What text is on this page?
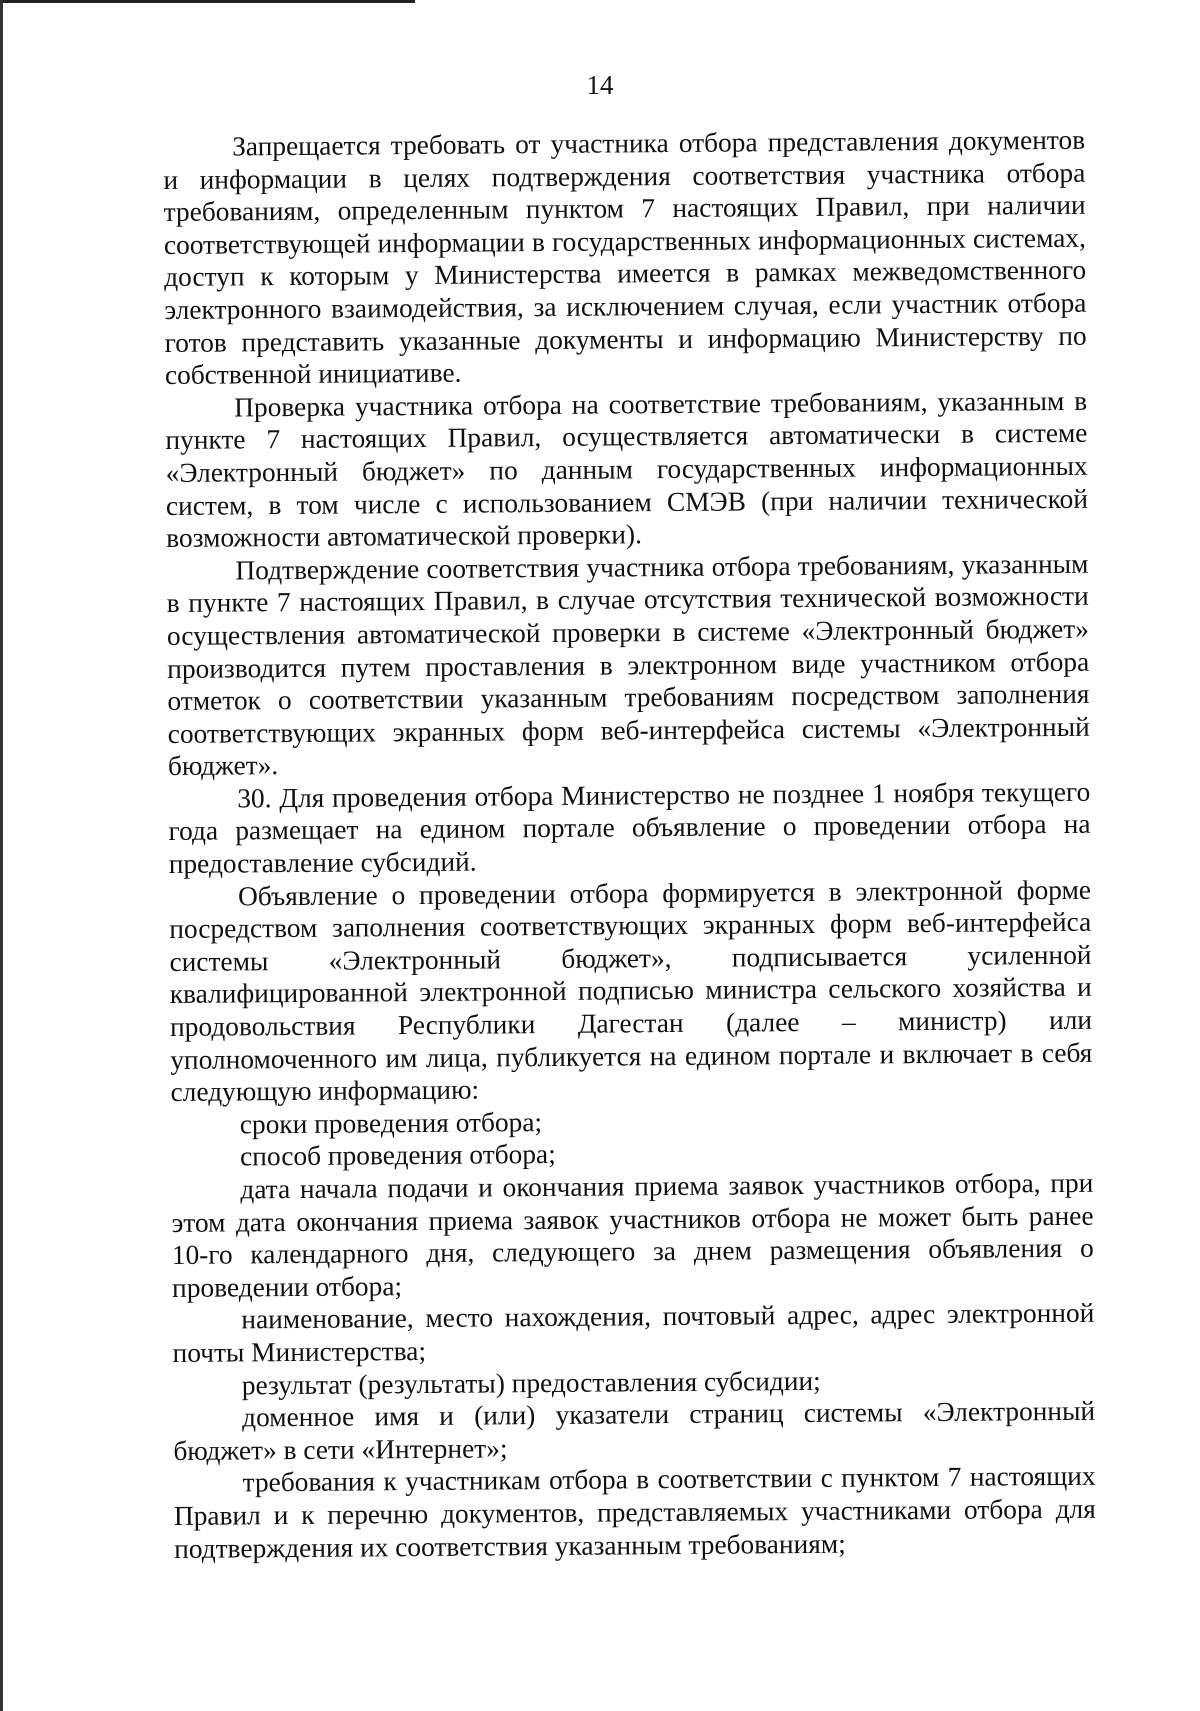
14

Запрещается требовать от участника отбора представления документов и информации в целях подтверждения соответствия участника отбора требованиям, определенным пунктом 7 настоящих Правил, при наличии соответствующей информации в государственных информационных системах, доступ к которым у Министерства имеется в рамках межведомственного электронного взаимодействия, за исключением случая, если участник отбора готов представить указанные документы и информацию Министерству по собственной инициативе.

Проверка участника отбора на соответствие требованиям, указанным в пункте 7 настоящих Правил, осуществляется автоматически в системе «Электронный бюджет» по данным государственных информационных систем, в том числе с использованием СМЭВ (при наличии технической возможности автоматической проверки).

Подтверждение соответствия участника отбора требованиям, указанным в пункте 7 настоящих Правил, в случае отсутствия технической возможности осуществления автоматической проверки в системе «Электронный бюджет» производится путем проставления в электронном виде участником отбора отметок о соответствии указанным требованиям посредством заполнения соответствующих экранных форм веб-интерфейса системы «Электронный бюджет».

30. Для проведения отбора Министерство не позднее 1 ноября текущего года размещает на едином портале объявление о проведении отбора на предоставление субсидий.

Объявление о проведении отбора формируется в электронной форме посредством заполнения соответствующих экранных форм веб-интерфейса системы «Электронный бюджет», подписывается усиленной квалифицированной электронной подписью министра сельского хозяйства и продовольствия Республики Дагестан (далее – министр) или уполномоченного им лица, публикуется на едином портале и включает в себя следующую информацию:

сроки проведения отбора;

способ проведения отбора;

дата начала подачи и окончания приема заявок участников отбора, при этом дата окончания приема заявок участников отбора не может быть ранее 10-го календарного дня, следующего за днем размещения объявления о проведении отбора;

наименование, место нахождения, почтовый адрес, адрес электронной почты Министерства;

результат (результаты) предоставления субсидии;

доменное имя и (или) указатели страниц системы «Электронный бюджет» в сети «Интернет»;

требования к участникам отбора в соответствии с пунктом 7 настоящих Правил и к перечню документов, представляемых участниками отбора для подтверждения их соответствия указанным требованиям;
